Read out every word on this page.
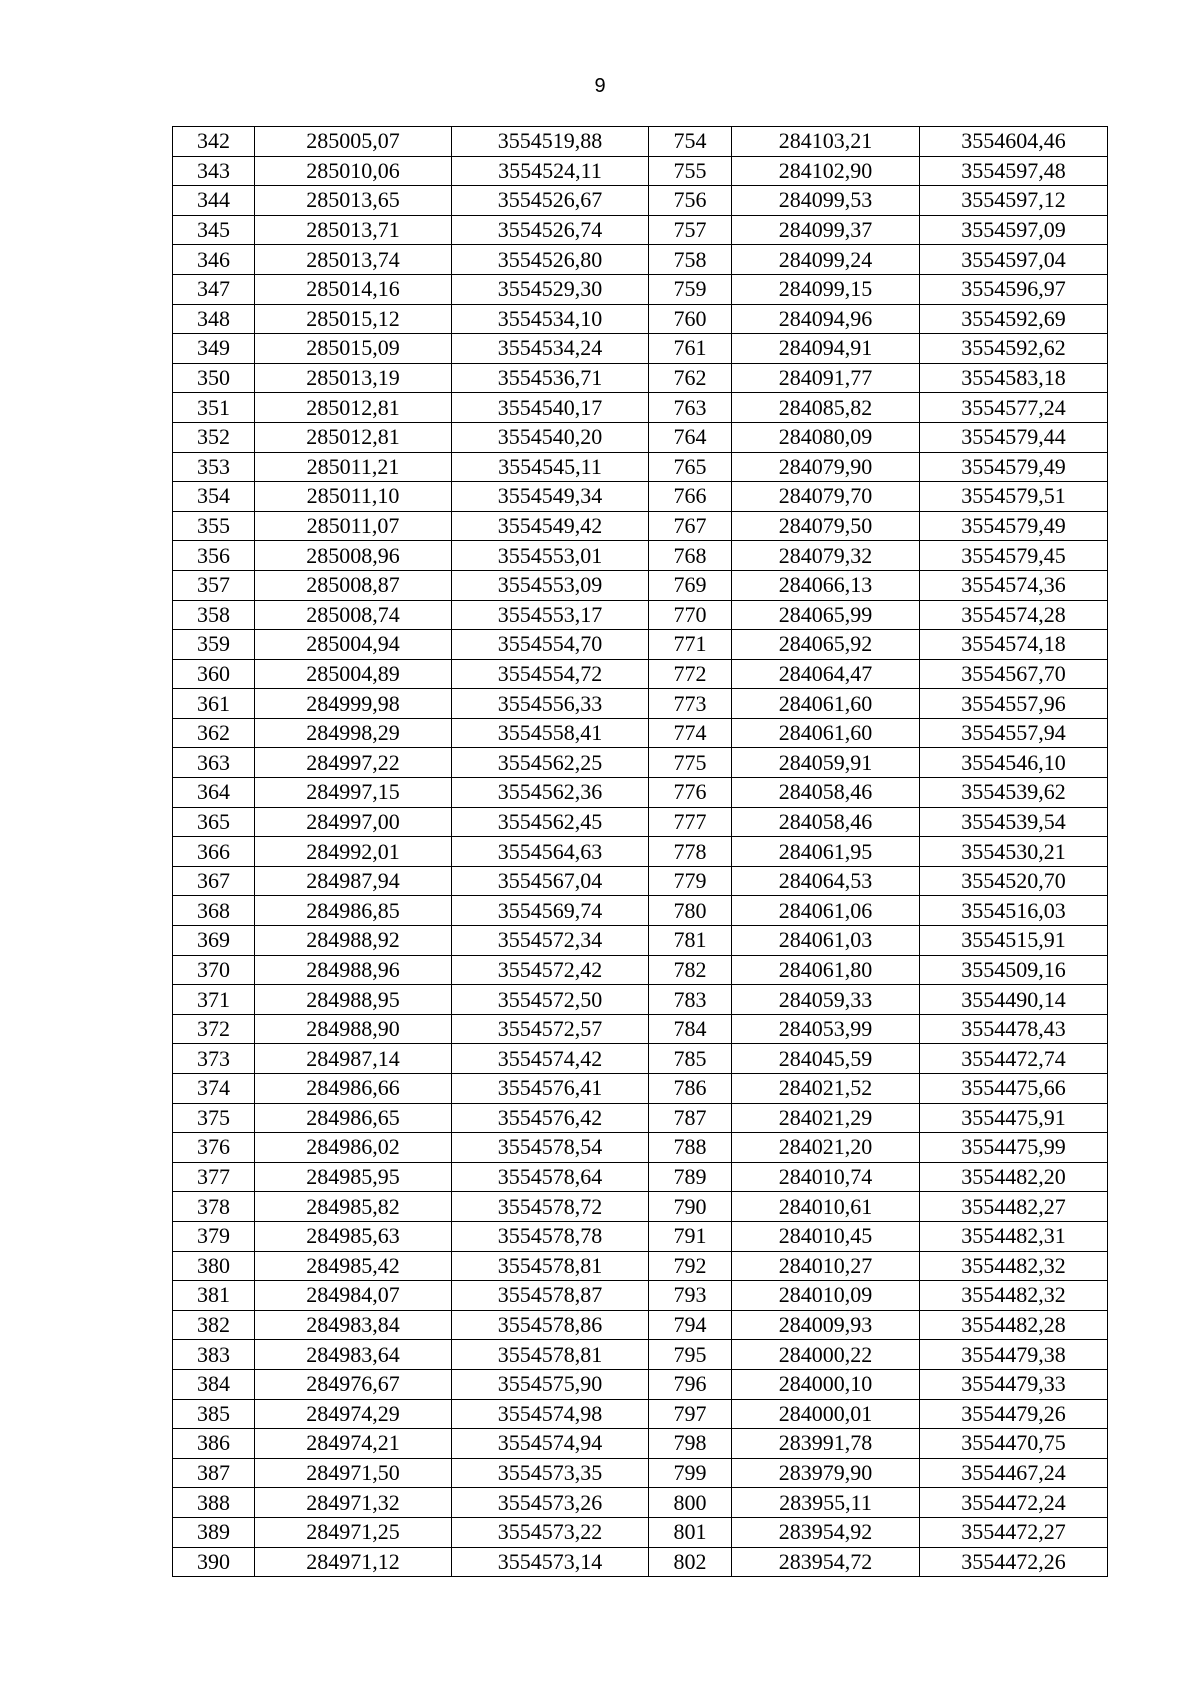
9
342	285005,07	3554519,88	754	284103,21	3554604,46
343	285010,06	3554524,11	755	284102,90	3554597,48
344	285013,65	3554526,67	756	284099,53	3554597,12
345	285013,71	3554526,74	757	284099,37	3554597,09
346	285013,74	3554526,80	758	284099,24	3554597,04
347	285014,16	3554529,30	759	284099,15	3554596,97
348	285015,12	3554534,10	760	284094,96	3554592,69
349	285015,09	3554534,24	761	284094,91	3554592,62
350	285013,19	3554536,71	762	284091,77	3554583,18
351	285012,81	3554540,17	763	284085,82	3554577,24
352	285012,81	3554540,20	764	284080,09	3554579,44
353	285011,21	3554545,11	765	284079,90	3554579,49
354	285011,10	3554549,34	766	284079,70	3554579,51
355	285011,07	3554549,42	767	284079,50	3554579,49
356	285008,96	3554553,01	768	284079,32	3554579,45
357	285008,87	3554553,09	769	284066,13	3554574,36
358	285008,74	3554553,17	770	284065,99	3554574,28
359	285004,94	3554554,70	771	284065,92	3554574,18
360	285004,89	3554554,72	772	284064,47	3554567,70
361	284999,98	3554556,33	773	284061,60	3554557,96
362	284998,29	3554558,41	774	284061,60	3554557,94
363	284997,22	3554562,25	775	284059,91	3554546,10
364	284997,15	3554562,36	776	284058,46	3554539,62
365	284997,00	3554562,45	777	284058,46	3554539,54
366	284992,01	3554564,63	778	284061,95	3554530,21
367	284987,94	3554567,04	779	284064,53	3554520,70
368	284986,85	3554569,74	780	284061,06	3554516,03
369	284988,92	3554572,34	781	284061,03	3554515,91
370	284988,96	3554572,42	782	284061,80	3554509,16
371	284988,95	3554572,50	783	284059,33	3554490,14
372	284988,90	3554572,57	784	284053,99	3554478,43
373	284987,14	3554574,42	785	284045,59	3554472,74
374	284986,66	3554576,41	786	284021,52	3554475,66
375	284986,65	3554576,42	787	284021,29	3554475,91
376	284986,02	3554578,54	788	284021,20	3554475,99
377	284985,95	3554578,64	789	284010,74	3554482,20
378	284985,82	3554578,72	790	284010,61	3554482,27
379	284985,63	3554578,78	791	284010,45	3554482,31
380	284985,42	3554578,81	792	284010,27	3554482,32
381	284984,07	3554578,87	793	284010,09	3554482,32
382	284983,84	3554578,86	794	284009,93	3554482,28
383	284983,64	3554578,81	795	284000,22	3554479,38
384	284976,67	3554575,90	796	284000,10	3554479,33
385	284974,29	3554574,98	797	284000,01	3554479,26
386	284974,21	3554574,94	798	283991,78	3554470,75
387	284971,50	3554573,35	799	283979,90	3554467,24
388	284971,32	3554573,26	800	283955,11	3554472,24
389	284971,25	3554573,22	801	283954,92	3554472,27
390	284971,12	3554573,14	802	283954,72	3554472,26
